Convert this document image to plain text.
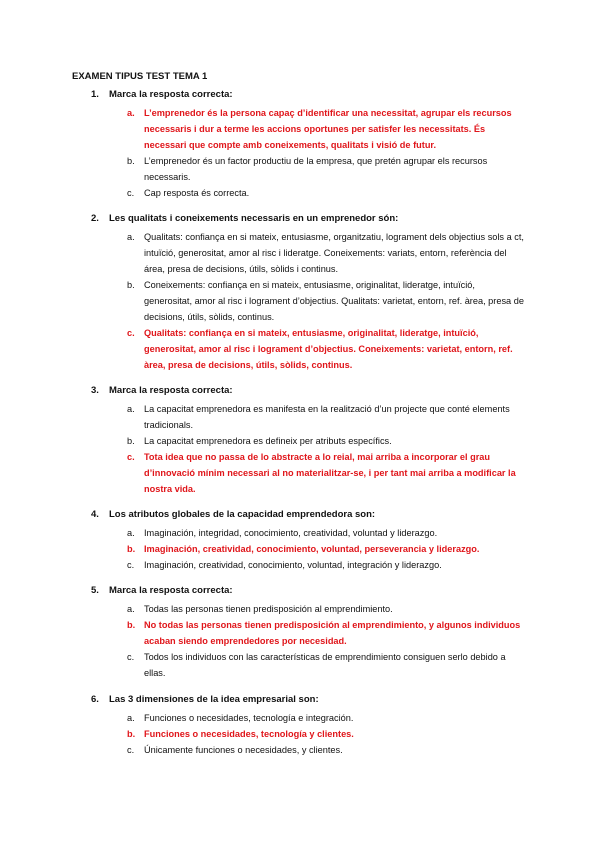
EXAMEN TIPUS TEST TEMA 1
1. Marca la resposta correcta:
a. L’emprenedor és la persona capaç d’identificar una necessitat, agrupar els recursos necessaris i dur a terme les accions oportunes per satisfer les necessitats. És necessari que compte amb coneixements, qualitats i visió de futur.
b. L’emprenedor és un factor productiu de la empresa, que pretén agrupar els recursos necessaris.
c. Cap resposta és correcta.
2. Les qualitats i coneixements necessaris en un emprenedor són:
a. Qualitats: confiança en si mateix, entusiasme, organitzatiu, lograment dels objectius sols a ct, intuïció, generositat, amor al risc i lideratge. Coneixements: variats, entorn, referència del área, presa de decisions, útils, sòlids i continus.
b. Coneixements: confiança en si mateix, entusiasme, originalitat, lideratge, intuïció, generositat, amor al risc i lograment d’objectius. Qualitats: varietat, entorn, ref. àrea, presa de decisions, útils, sòlids, continus.
c. Qualitats: confiança en si mateix, entusiasme, originalitat, lideratge, intuïció, generositat, amor al risc i lograment d’objectius. Coneixements: varietat, entorn, ref. àrea, presa de decisions, útils, sòlids, continus.
3. Marca la resposta correcta:
a. La capacitat emprenedora es manifesta en la realització d’un projecte que conté elements tradicionals.
b. La capacitat emprenedora es defineix per atributs específics.
c. Tota idea que no passa de lo abstracte a lo reial, mai arriba a incorporar el grau d’innovació mínim necessari al no materialitzar-se, i per tant mai arriba a modificar la nostra vida.
4. Los atributos globales de la capacidad emprendedora son:
a. Imaginación, integridad, conocimiento, creatividad, voluntad y liderazgo.
b. Imaginación, creatividad, conocimiento, voluntad, perseverancia y liderazgo.
c. Imaginación, creatividad, conocimiento, voluntad, integración y liderazgo.
5. Marca la resposta correcta:
a. Todas las personas tienen predisposición al emprendimiento.
b. No todas las personas tienen predisposición al emprendimiento, y algunos individuos acaban siendo emprendedores por necesidad.
c. Todos los individuos con las características de emprendimiento consiguen serlo debido a ellas.
6. Las 3 dimensiones de la idea empresarial son:
a. Funciones o necesidades, tecnología e integración.
b. Funciones o necesidades, tecnología y clientes.
c. Únicamente funciones o necesidades, y clientes.
